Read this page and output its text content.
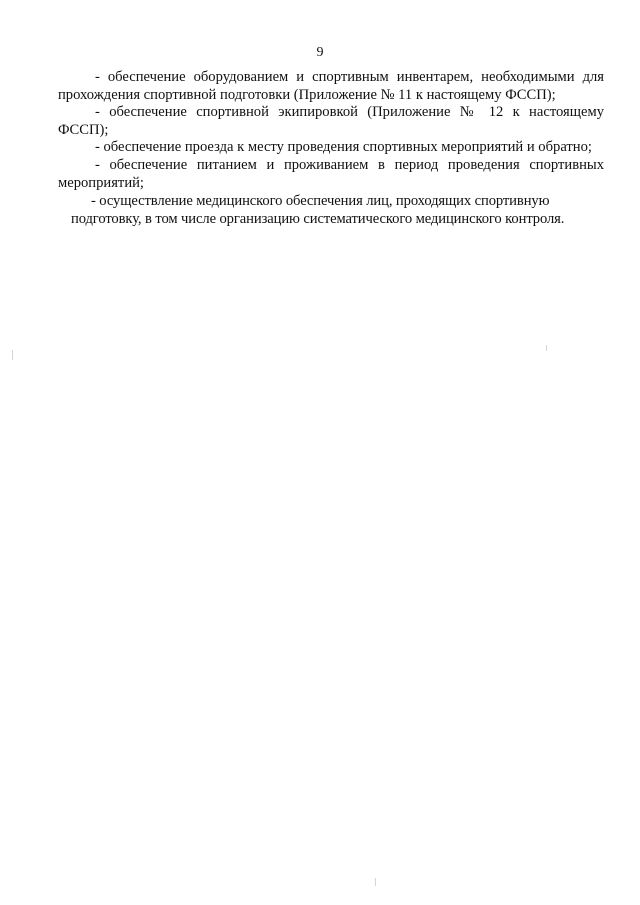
9

- обеспечение оборудованием и спортивным инвентарем, необходимыми для прохождения спортивной подготовки (Приложение № 11 к настоящему ФССП);

- обеспечение спортивной экипировкой (Приложение № 12 к настоящему ФССП);

- обеспечение проезда к месту проведения спортивных мероприятий и обратно;

- обеспечение питанием и проживанием в период проведения спортивных мероприятий;

- осуществление медицинского обеспечения лиц, проходящих спортивную
подготовку, в том числе организацию систематического медицинского контроля.
